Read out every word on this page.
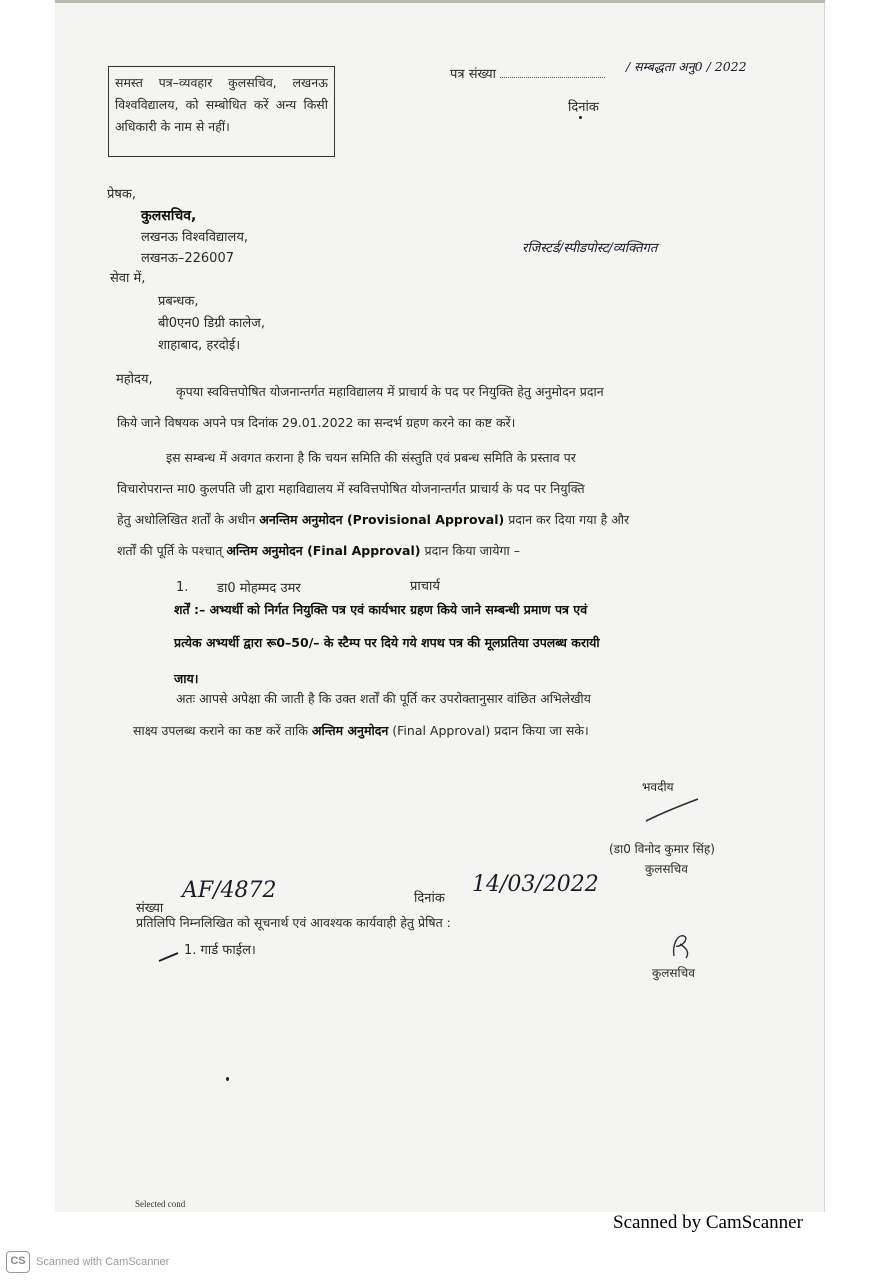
समस्त पत्र–व्यवहार कुलसचिव, लखनऊ विश्वविद्यालय, को सम्बोधित करें अन्य किसी अधिकारी के नाम से नहीं।
पत्र संख्या
/ सम्बद्धता अनु0 / 2022
दिनांक
प्रेषक,
कुलसचिव,
लखनऊ विश्वविद्यालय,
लखनऊ–226007
रजिस्टर्ड/स्पीडपोस्ट/व्यक्तिगत
सेवा में,
प्रबन्धक,
बी0एन0 डिग्री कालेज,
शाहाबाद, हरदोई।
महोदय,
कृपया स्ववित्तपोषित योजनान्तर्गत महाविद्यालय में प्राचार्य के पद पर नियुक्ति हेतु अनुमोदन प्रदान
किये जाने विषयक अपने पत्र दिनांक 29.01.2022 का सन्दर्भ ग्रहण करने का कष्ट करें।
इस सम्बन्ध में अवगत कराना है कि चयन समिति की संस्तुति एवं प्रबन्ध समिति के प्रस्ताव पर
विचारोपरान्त मा0 कुलपति जी द्वारा महाविद्यालय में स्ववित्तपोषित योजनान्तर्गत प्राचार्य के पद पर नियुक्ति
हेतु अधोलिखित शर्तों के अधीन अनन्तिम अनुमोदन (Provisional Approval) प्रदान कर दिया गया है और
शर्तों की पूर्ति के पश्चात् अन्तिम अनुमोदन (Final Approval) प्रदान किया जायेगा –
1. डा0 मोहम्मद उमर	प्राचार्य
शर्तें :– अभ्यर्थी को निर्गत नियुक्ति पत्र एवं कार्यभार ग्रहण किये जाने सम्बन्धी प्रमाण पत्र एवं
प्रत्येक अभ्यर्थी द्वारा रू0–50/– के स्टैम्प पर दिये गये शपथ पत्र की मूलप्रतिया उपलब्ध करायी
जाय।
अतः आपसे अपेक्षा की जाती है कि उक्त शर्तों की पूर्ति कर उपरोक्तानुसार वांछित अभिलेखीय
साक्ष्य उपलब्ध कराने का कष्ट करें ताकि अन्तिम अनुमोदन (Final Approval) प्रदान किया जा सके।
भवदीय
(डा0 विनोद कुमार सिंह)
कुलसचिव
संख्या
AF/4872	दिनांक
14/03/2022
प्रतिलिपि निम्नलिखित को सूचनार्थ एवं आवश्यक कार्यवाही हेतु प्रेषित :
1. गार्ड फाईल।
कुलसचिव
Selected cond
Scanned by CamScanner
CS Scanned with CamScanner
